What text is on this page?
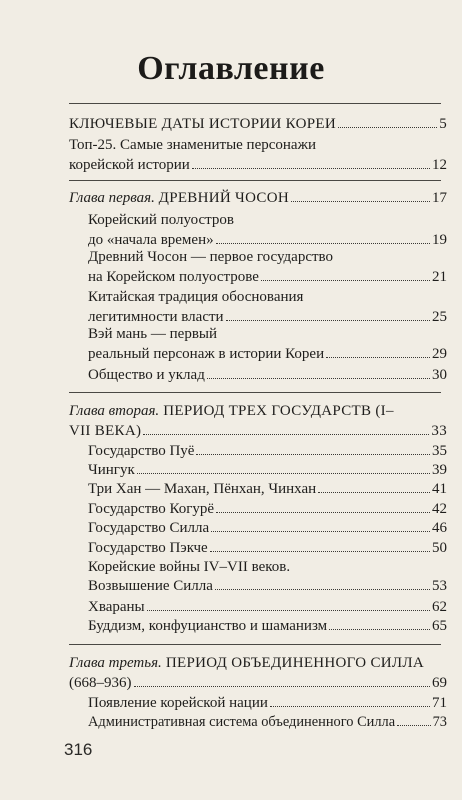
Оглавление
КЛЮЧЕВЫЕ ДАТЫ ИСТОРИИ КОРЕИ	5
Топ-25. Самые знаменитые персонажи
корейской истории	12
Глава первая. ДРЕВНИЙ ЧОСОН	17
Корейский полуостров
до «начала времен»	19
Древний Чосон — первое государство
на Корейском полуострове	21
Китайская традиция обоснования
легитимности власти	25
Вэй мань — первый
реальный персонаж в истории Кореи	29
Общество и уклад	30
Глава вторая. ПЕРИОД ТРЕХ ГОСУДАРСТВ (I–
VII ВЕКА)	33
Государство Пуё	35
Чингук	39
Три Хан — Махан, Пёнхан, Чинхан	41
Государство Когурё	42
Государство Силла	46
Государство Пэкче	50
Корейские войны IV–VII веков.
Возвышение Силла	53
Хвараны	62
Буддизм, конфуцианство и шаманизм	65
Глава третья. ПЕРИОД ОБЪЕДИНЕННОГО СИЛЛА
(668–936)	69
Появление корейской нации	71
Административная система объединенного Силла	73
316
